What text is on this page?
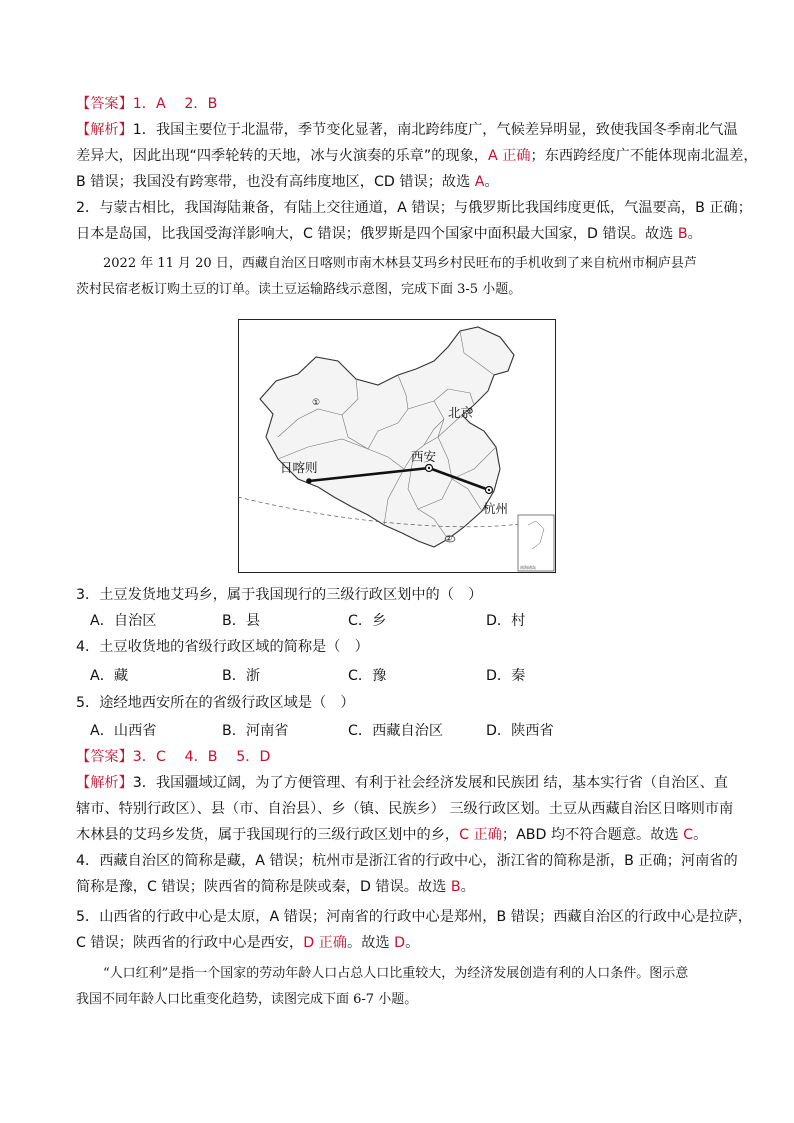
【答案】1．A　 2．B
【解析】1．我国主要位于北温带，季节变化显著，南北跨纬度广，气候差异明显，致使我国冬季南北气温
差异大，因此出现“四季轮转的天地，冰与火演奏的乐章”的现象，A 正确；东西跨经度广不能体现南北温差，
B 错误；我国没有跨寒带，也没有高纬度地区，CD 错误；故选 A。
2．与蒙古相比，我国海陆兼备，有陆上交往通道，A 错误；与俄罗斯比我国纬度更低，气温要高，B 正确；
日本是岛国，比我国受海洋影响大，C 错误；俄罗斯是四个国家中面积最大国家，D 错误。故选 B。
2022 年 11 月 20 日，西藏自治区日喀则市南木林县艾玛乡村民旺布的手机收到了来自杭州市桐庐县芦
茨村民宿老板订购土豆的订单。读土豆运输路线示意图，完成下面 3-5 小题。
日喀则
西安
杭州
北京
①
②
南海诸岛
3．土豆发货地艾玛乡，属于我国现行的三级行政区划中的（　）
A．自治区	B．县	C．乡	D．村
4．土豆收货地的省级行政区域的简称是（　）
A．藏	B．浙	C．豫	D．秦
5．途经地西安所在的省级行政区域是（　）
A．山西省	B．河南省	C．西藏自治区	D．陕西省
【答案】3．C　 4．B　 5．D
【解析】3．我国疆域辽阔，为了方便管理、有利于社会经济发展和民族团 结，基本实行省（自治区、直
辖市、特别行政区）、县（市、自治县）、乡（镇、民族乡） 三级行政区划。土豆从西藏自治区日喀则市南
木林县的艾玛乡发货，属于我国现行的三级行政区划中的乡，C 正确；ABD 均不符合题意。故选 C。
4．西藏自治区的简称是藏，A 错误；杭州市是浙江省的行政中心，浙江省的简称是浙，B 正确；河南省的
简称是豫，C 错误；陕西省的简称是陕或秦，D 错误。故选 B。
5．山西省的行政中心是太原，A 错误；河南省的行政中心是郑州，B 错误；西藏自治区的行政中心是拉萨，
C 错误；陕西省的行政中心是西安，D 正确。故选 D。
“人口红利”是指一个国家的劳动年龄人口占总人口比重较大，为经济发展创造有利的人口条件。图示意
我国不同年龄人口比重变化趋势，读图完成下面 6-7 小题。
